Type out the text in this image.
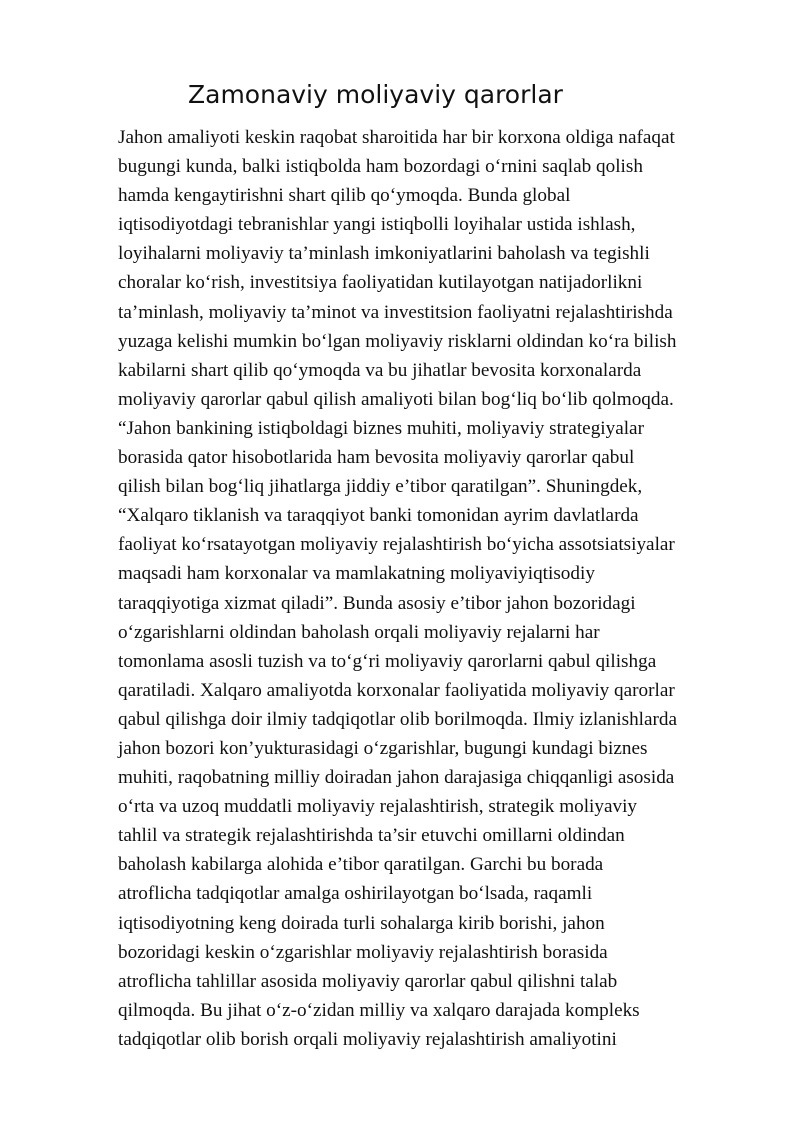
Zamonaviy moliyaviy qarorlar
Jahon amaliyoti keskin raqobat sharoitida har bir korxona oldiga nafaqat
bugungi kunda, balki istiqbolda ham bozordagi o‘rnini saqlab qolish
hamda kengaytirishni shart qilib qo‘ymoqda. Bunda global
iqtisodiyotdagi tebranishlar yangi istiqbolli loyihalar ustida ishlash,
loyihalarni moliyaviy ta’minlash imkoniyatlarini baholash va tegishli
choralar ko‘rish, investitsiya faoliyatidan kutilayotgan natijadorlikni
ta’minlash, moliyaviy ta’minot va investitsion faoliyatni rejalashtirishda
yuzaga kelishi mumkin bo‘lgan moliyaviy risklarni oldindan ko‘ra bilish
kabilarni shart qilib qo‘ymoqda va bu jihatlar bevosita korxonalarda
moliyaviy qarorlar qabul qilish amaliyoti bilan bog‘liq bo‘lib qolmoqda.
“Jahon bankining istiqboldagi biznes muhiti, moliyaviy strategiyalar
borasida qator hisobotlarida ham bevosita moliyaviy qarorlar qabul
qilish bilan bog‘liq jihatlarga jiddiy e’tibor qaratilgan”. Shuningdek,
“Xalqaro tiklanish va taraqqiyot banki tomonidan ayrim davlatlarda
faoliyat ko‘rsatayotgan moliyaviy rejalashtirish bo‘yicha assotsiatsiyalar
maqsadi ham korxonalar va mamlakatning moliyaviyiqtisodiy
taraqqiyotiga xizmat qiladi”. Bunda asosiy e’tibor jahon bozoridagi
o‘zgarishlarni oldindan baholash orqali moliyaviy rejalarni har
tomonlama asosli tuzish va to‘g‘ri moliyaviy qarorlarni qabul qilishga
qaratiladi. Xalqaro amaliyotda korxonalar faoliyatida moliyaviy qarorlar
qabul qilishga doir ilmiy tadqiqotlar olib borilmoqda. Ilmiy izlanishlarda
jahon bozori kon’yukturasidagi o‘zgarishlar, bugungi kundagi biznes
muhiti, raqobatning milliy doiradan jahon darajasiga chiqqanligi asosida
o‘rta va uzoq muddatli moliyaviy rejalashtirish, strategik moliyaviy
tahlil va strategik rejalashtirishda ta’sir etuvchi omillarni oldindan
baholash kabilarga alohida e’tibor qaratilgan. Garchi bu borada
atroflicha tadqiqotlar amalga oshirilayotgan bo‘lsada, raqamli
iqtisodiyotning keng doirada turli sohalarga kirib borishi, jahon
bozoridagi keskin o‘zgarishlar moliyaviy rejalashtirish borasida
atroflicha tahlillar asosida moliyaviy qarorlar qabul qilishni talab
qilmoqda. Bu jihat o‘z-o‘zidan milliy va xalqaro darajada kompleks
tadqiqotlar olib borish orqali moliyaviy rejalashtirish amaliyotini
